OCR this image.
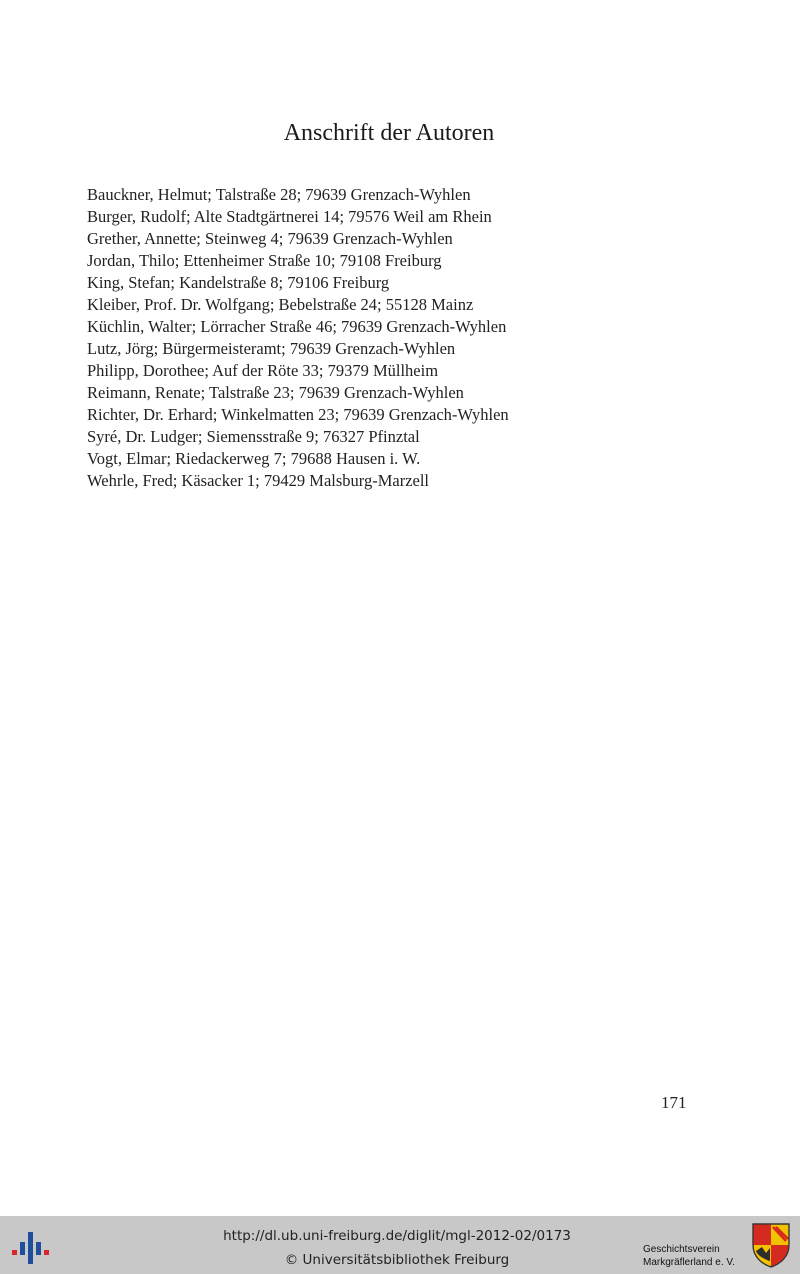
Anschrift der Autoren
Bauckner, Helmut; Talstraße 28; 79639 Grenzach-Wyhlen
Burger, Rudolf; Alte Stadtgärtnerei 14; 79576 Weil am Rhein
Grether, Annette; Steinweg 4; 79639 Grenzach-Wyhlen
Jordan, Thilo; Ettenheimer Straße 10; 79108 Freiburg
King, Stefan; Kandelstraße 8; 79106 Freiburg
Kleiber, Prof. Dr. Wolfgang; Bebelstraße 24; 55128 Mainz
Küchlin, Walter; Lörracher Straße 46; 79639 Grenzach-Wyhlen
Lutz, Jörg; Bürgermeisteramt; 79639 Grenzach-Wyhlen
Philipp, Dorothee; Auf der Röte 33; 79379 Müllheim
Reimann, Renate; Talstraße 23; 79639 Grenzach-Wyhlen
Richter, Dr. Erhard; Winkelmatten 23; 79639 Grenzach-Wyhlen
Syré, Dr. Ludger; Siemensstraße 9; 76327 Pfinztal
Vogt, Elmar; Riedackerweg 7; 79688 Hausen i. W.
Wehrle, Fred; Käsacker 1; 79429 Malsburg-Marzell
171
http://dl.ub.uni-freiburg.de/diglit/mgl-2012-02/0173
© Universitätsbibliothek Freiburg
Geschichtsverein
Markgräflerland e. V.
